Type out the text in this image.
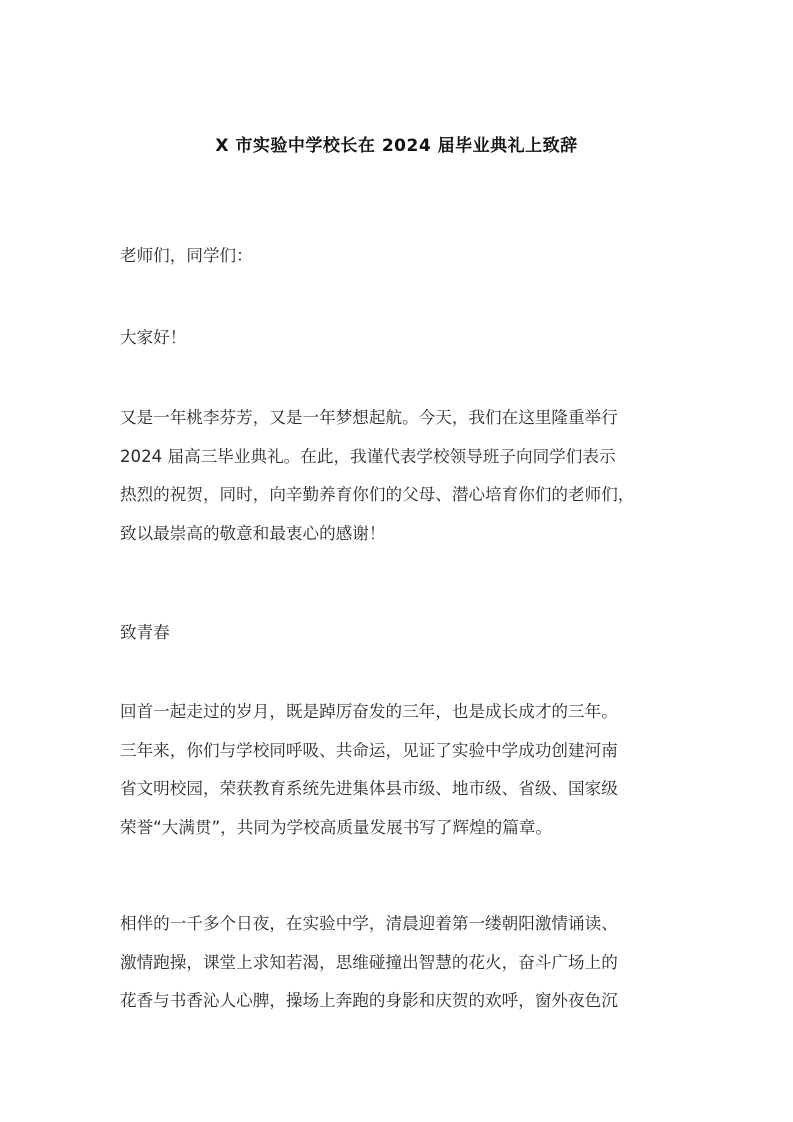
X 市实验中学校长在 2024 届毕业典礼上致辞

老师们，同学们：

大家好！

又是一年桃李芬芳，又是一年梦想起航。今天，我们在这里隆重举行
2024 届高三毕业典礼。在此，我谨代表学校领导班子向同学们表示
热烈的祝贺，同时，向辛勤养育你们的父母、潜心培育你们的老师们，
致以最崇高的敬意和最衷心的感谢！

致青春

回首一起走过的岁月，既是踔厉奋发的三年，也是成长成才的三年。
三年来，你们与学校同呼吸、共命运，见证了实验中学成功创建河南
省文明校园，荣获教育系统先进集体县市级、地市级、省级、国家级
荣誉“大满贯”，共同为学校高质量发展书写了辉煌的篇章。

相伴的一千多个日夜，在实验中学，清晨迎着第一缕朝阳激情诵读、
激情跑操，课堂上求知若渴，思维碰撞出智慧的花火，奋斗广场上的
花香与书香沁人心脾，操场上奔跑的身影和庆贺的欢呼，窗外夜色沉
